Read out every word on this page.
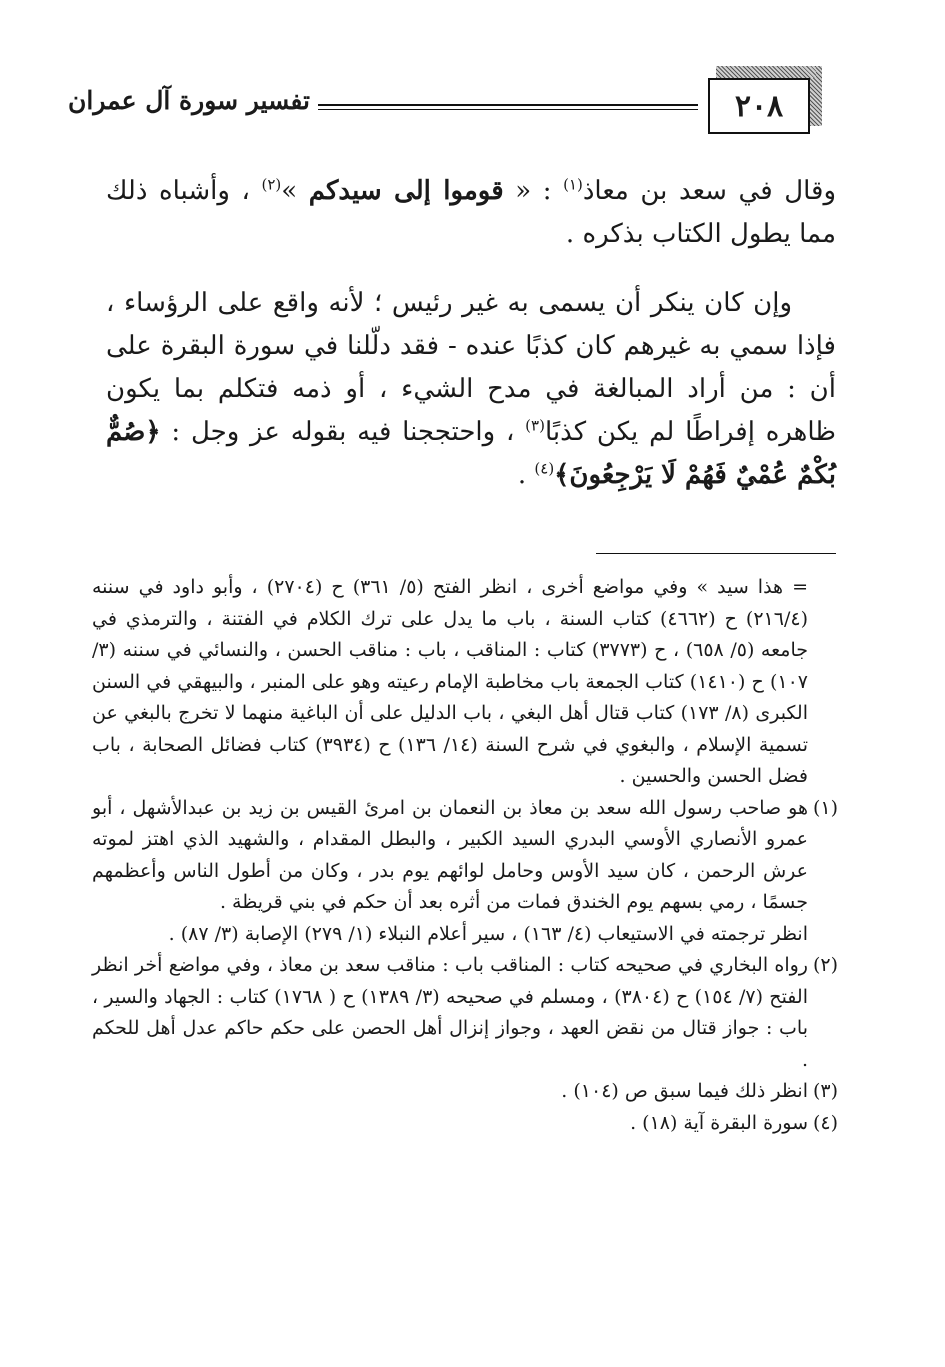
٢٠٨
تفسير سورة آل عمران

وقال في سعد بن معاذ$^{(١)}$ : « قوموا إلى سيدكم »$^{(٢)}$ ، وأشباه ذلك مما يطول الكتاب بذكره .

وإن كان ينكر أن يسمى به غير رئيس ؛ لأنه واقع على الرؤساء ، فإذا سمي به غيرهم كان كذبًا عنده - فقد دلّلنا في سورة البقرة على أن : من أراد المبالغة في مدح الشيء ، أو ذمه فتكلم بما يكون ظاهره إفراطًا لم يكن كذبًا$^{(٣)}$ ، واحتججنا فيه بقوله عز وجل : ﴿صُمٌّ بُكْمٌ عُمْيٌ فَهُمْ لَا يَرْجِعُونَ﴾$^{(٤)}$ .

= هذا سيد » وفي مواضع أخرى ، انظر الفتح (٥/ ٣٦١) ح (٢٧٠٤) ، وأبو داود في سننه (٢١٦/٤) ح (٤٦٦٢) كتاب السنة ، باب ما يدل على ترك الكلام في الفتنة ، والترمذي في جامعه (٥/ ٦٥٨) ، ح (٣٧٧٣) كتاب : المناقب ، باب : مناقب الحسن ، والنسائي في سننه (٣/ ١٠٧) ح (١٤١٠) كتاب الجمعة باب مخاطبة الإمام رعيته وهو على المنبر ، والبيهقي في السنن الكبرى (٨/ ١٧٣) كتاب قتال أهل البغي ، باب الدليل على أن الباغية منهما لا تخرج بالبغي عن تسمية الإسلام ، والبغوي في شرح السنة (١٤/ ١٣٦) ح (٣٩٣٤) كتاب فضائل الصحابة ، باب فضل الحسن والحسين .

(١)
هو صاحب رسول الله سعد بن معاذ بن النعمان بن امرئ القيس بن زيد بن عبدالأشهل ، أبو عمرو الأنصاري الأوسي البدري السيد الكبير ، والبطل المقدام ، والشهيد الذي اهتز لموته عرش الرحمن ، كان سيد الأوس وحامل لوائهم يوم بدر ، وكان من أطول الناس وأعظمهم جسمًا ، رمي بسهم يوم الخندق فمات من أثره بعد أن حكم في بني قريظة .

انظر ترجمته في الاستيعاب (٤/ ١٦٣) ، سير أعلام النبلاء (١/ ٢٧٩) الإصابة (٣/ ٨٧) .

(٢)
رواه البخاري في صحيحه كتاب : المناقب باب : مناقب سعد بن معاذ ، وفي مواضع أخر انظر الفتح (٧/ ١٥٤) ح (٣٨٠٤) ، ومسلم في صحيحه (٣/ ١٣٨٩) ح ( ١٧٦٨) كتاب : الجهاد والسير ، باب : جواز قتال من نقض العهد ، وجواز إنزال أهل الحصن على حكم حاكم عدل أهل للحكم .
(٣)
انظر ذلك فيما سبق ص (١٠٤) .
(٤)
سورة البقرة آية (١٨) .
